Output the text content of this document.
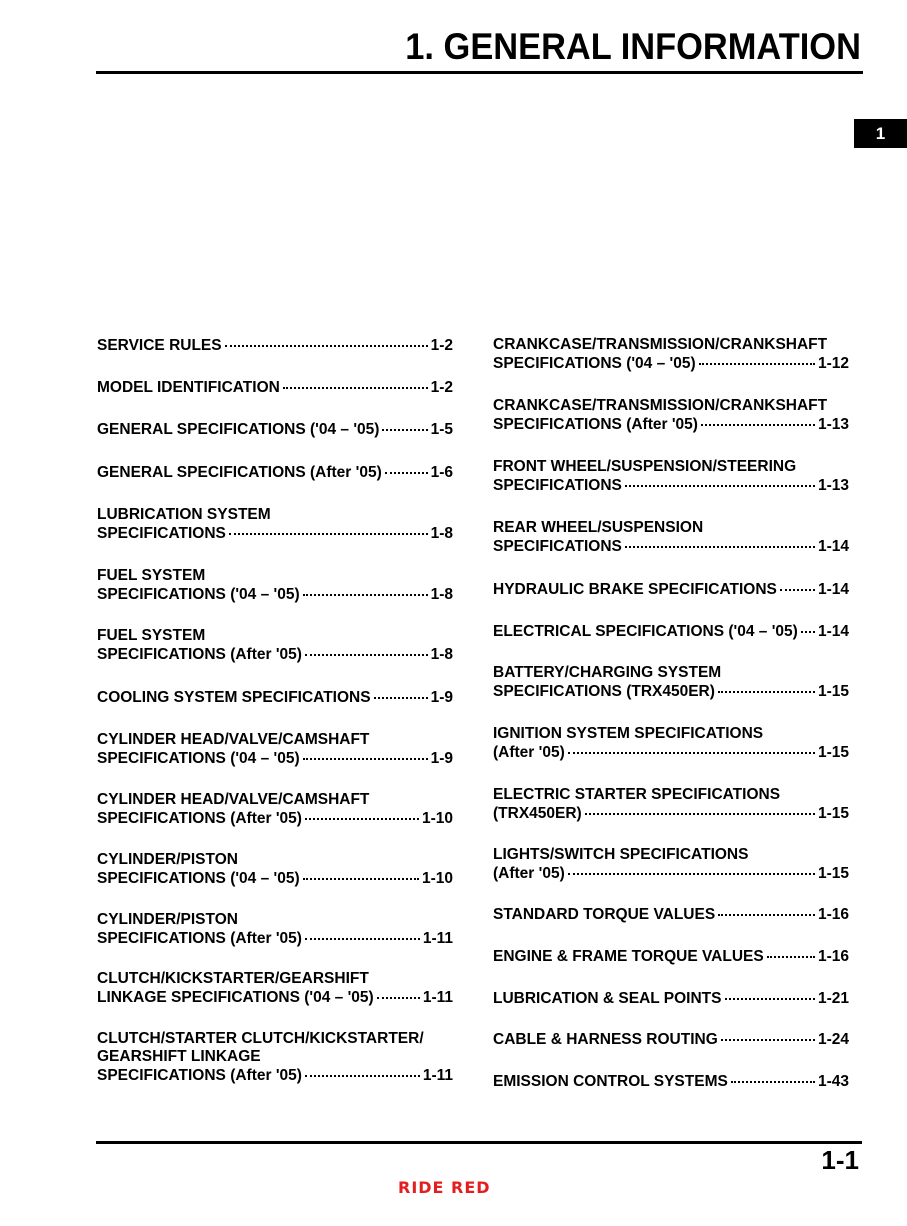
1. GENERAL INFORMATION
1
SERVICE RULES	1-2
MODEL IDENTIFICATION	1-2
GENERAL SPECIFICATIONS ('04 – '05)	1-5
GENERAL SPECIFICATIONS (After '05)	1-6
LUBRICATION SYSTEM
SPECIFICATIONS	1-8
FUEL SYSTEM
SPECIFICATIONS ('04 – '05)	1-8
FUEL SYSTEM
SPECIFICATIONS (After '05)	1-8
COOLING SYSTEM SPECIFICATIONS	1-9
CYLINDER HEAD/VALVE/CAMSHAFT
SPECIFICATIONS ('04 – '05)	1-9
CYLINDER HEAD/VALVE/CAMSHAFT
SPECIFICATIONS (After '05)	1-10
CYLINDER/PISTON
SPECIFICATIONS ('04 – '05)	1-10
CYLINDER/PISTON
SPECIFICATIONS (After '05)	1-11
CLUTCH/KICKSTARTER/GEARSHIFT
LINKAGE SPECIFICATIONS ('04 – '05)	1-11
CLUTCH/STARTER CLUTCH/KICKSTARTER/
GEARSHIFT LINKAGE
SPECIFICATIONS (After '05)	1-11
CRANKCASE/TRANSMISSION/CRANKSHAFT
SPECIFICATIONS ('04 – '05)	1-12
CRANKCASE/TRANSMISSION/CRANKSHAFT
SPECIFICATIONS (After '05)	1-13
FRONT WHEEL/SUSPENSION/STEERING
SPECIFICATIONS	1-13
REAR WHEEL/SUSPENSION
SPECIFICATIONS	1-14
HYDRAULIC BRAKE SPECIFICATIONS	1-14
ELECTRICAL SPECIFICATIONS ('04 – '05) 1-14
BATTERY/CHARGING SYSTEM
SPECIFICATIONS (TRX450ER)	1-15
IGNITION SYSTEM SPECIFICATIONS
(After '05)	1-15
ELECTRIC STARTER SPECIFICATIONS
(TRX450ER)	1-15
LIGHTS/SWITCH SPECIFICATIONS
(After '05)	1-15
STANDARD TORQUE VALUES	1-16
ENGINE & FRAME TORQUE VALUES	1-16
LUBRICATION & SEAL POINTS	1-21
CABLE & HARNESS ROUTING	1-24
EMISSION CONTROL SYSTEMS	1-43
1-1
RIDE RED
